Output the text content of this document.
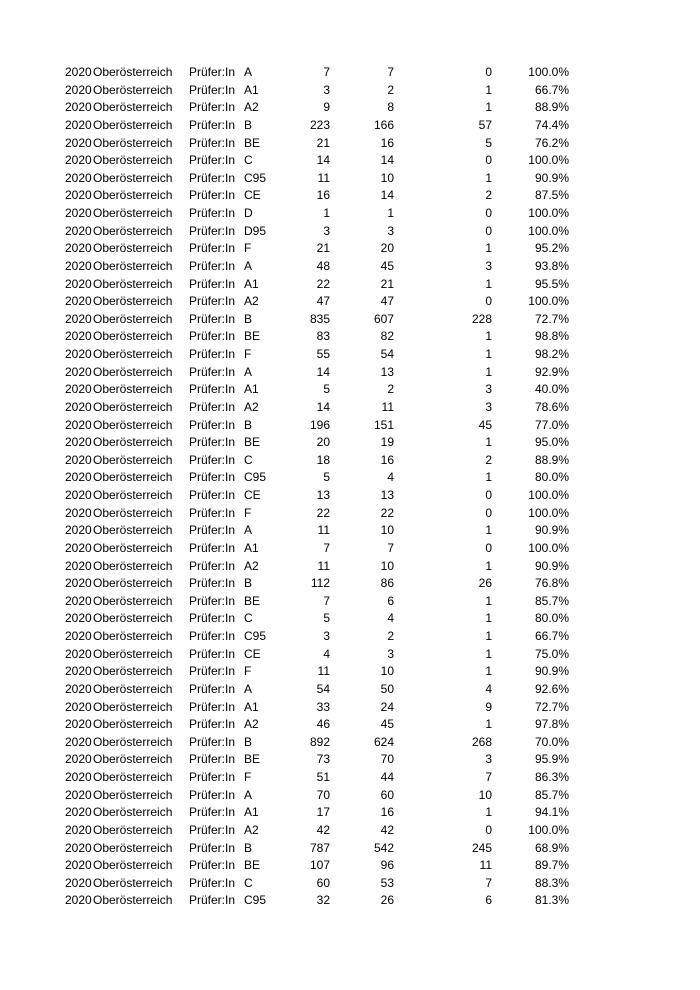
2020 Oberösterreich Prüfer:In A	7	7	0	100.0%
2020 Oberösterreich Prüfer:In A1	3	2	1	66.7%
2020 Oberösterreich Prüfer:In A2	9	8	1	88.9%
2020 Oberösterreich Prüfer:In B	223	166	57	74.4%
2020 Oberösterreich Prüfer:In BE	21	16	5	76.2%
2020 Oberösterreich Prüfer:In C	14	14	0	100.0%
2020 Oberösterreich Prüfer:In C95	11	10	1	90.9%
2020 Oberösterreich Prüfer:In CE	16	14	2	87.5%
2020 Oberösterreich Prüfer:In D	1	1	0	100.0%
2020 Oberösterreich Prüfer:In D95	3	3	0	100.0%
2020 Oberösterreich Prüfer:In F	21	20	1	95.2%
2020 Oberösterreich Prüfer:In A	48	45	3	93.8%
2020 Oberösterreich Prüfer:In A1	22	21	1	95.5%
2020 Oberösterreich Prüfer:In A2	47	47	0	100.0%
2020 Oberösterreich Prüfer:In B	835	607	228	72.7%
2020 Oberösterreich Prüfer:In BE	83	82	1	98.8%
2020 Oberösterreich Prüfer:In F	55	54	1	98.2%
2020 Oberösterreich Prüfer:In A	14	13	1	92.9%
2020 Oberösterreich Prüfer:In A1	5	2	3	40.0%
2020 Oberösterreich Prüfer:In A2	14	11	3	78.6%
2020 Oberösterreich Prüfer:In B	196	151	45	77.0%
2020 Oberösterreich Prüfer:In BE	20	19	1	95.0%
2020 Oberösterreich Prüfer:In C	18	16	2	88.9%
2020 Oberösterreich Prüfer:In C95	5	4	1	80.0%
2020 Oberösterreich Prüfer:In CE	13	13	0	100.0%
2020 Oberösterreich Prüfer:In F	22	22	0	100.0%
2020 Oberösterreich Prüfer:In A	11	10	1	90.9%
2020 Oberösterreich Prüfer:In A1	7	7	0	100.0%
2020 Oberösterreich Prüfer:In A2	11	10	1	90.9%
2020 Oberösterreich Prüfer:In B	112	86	26	76.8%
2020 Oberösterreich Prüfer:In BE	7	6	1	85.7%
2020 Oberösterreich Prüfer:In C	5	4	1	80.0%
2020 Oberösterreich Prüfer:In C95	3	2	1	66.7%
2020 Oberösterreich Prüfer:In CE	4	3	1	75.0%
2020 Oberösterreich Prüfer:In F	11	10	1	90.9%
2020 Oberösterreich Prüfer:In A	54	50	4	92.6%
2020 Oberösterreich Prüfer:In A1	33	24	9	72.7%
2020 Oberösterreich Prüfer:In A2	46	45	1	97.8%
2020 Oberösterreich Prüfer:In B	892	624	268	70.0%
2020 Oberösterreich Prüfer:In BE	73	70	3	95.9%
2020 Oberösterreich Prüfer:In F	51	44	7	86.3%
2020 Oberösterreich Prüfer:In A	70	60	10	85.7%
2020 Oberösterreich Prüfer:In A1	17	16	1	94.1%
2020 Oberösterreich Prüfer:In A2	42	42	0	100.0%
2020 Oberösterreich Prüfer:In B	787	542	245	68.9%
2020 Oberösterreich Prüfer:In BE	107	96	11	89.7%
2020 Oberösterreich Prüfer:In C	60	53	7	88.3%
2020 Oberösterreich Prüfer:In C95	32	26	6	81.3%
